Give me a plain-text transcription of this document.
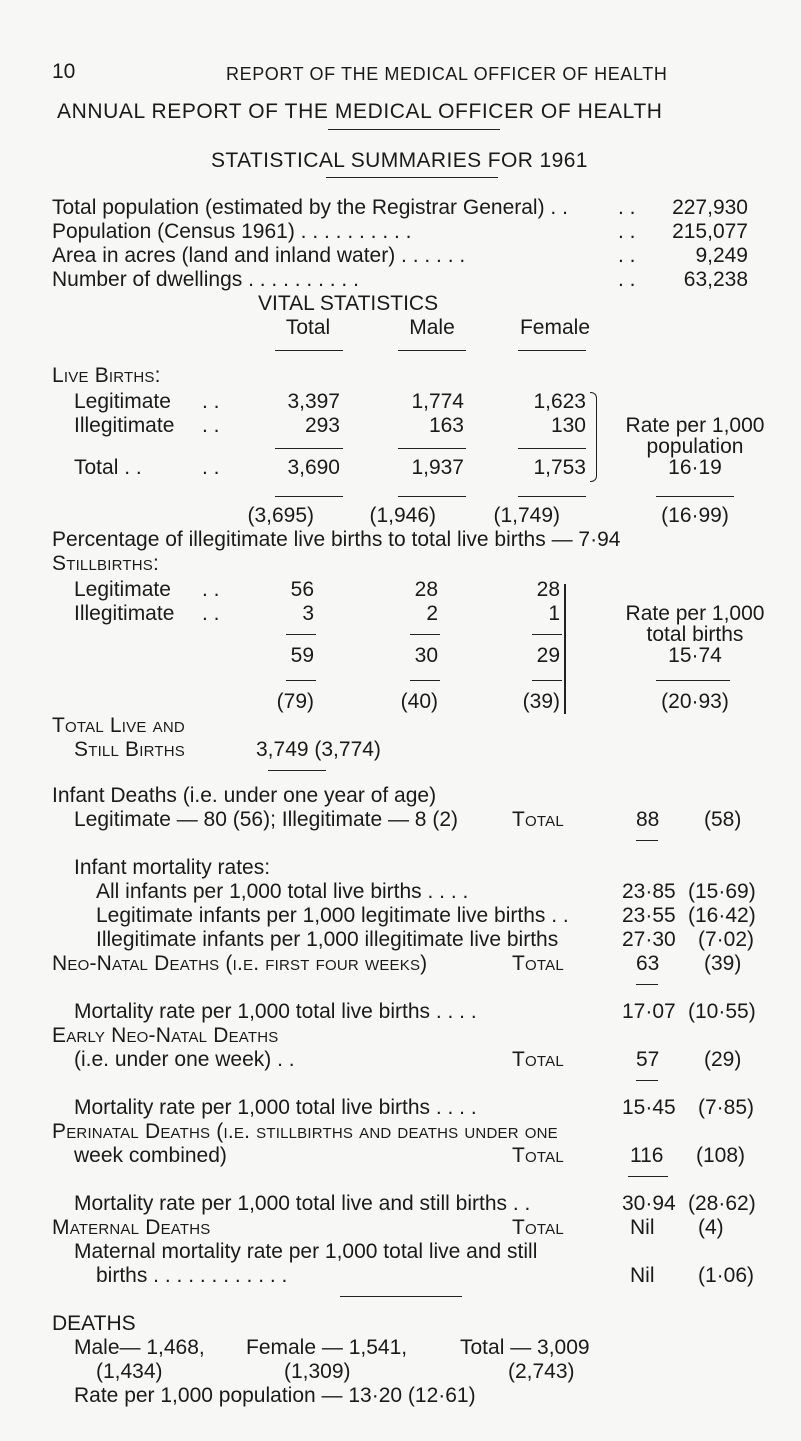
10	REPORT OF THE MEDICAL OFFICER OF HEALTH
ANNUAL REPORT OF THE MEDICAL OFFICER OF HEALTH
STATISTICAL SUMMARIES FOR 1961
Total population (estimated by the Registrar General) . . . .	227,930
Population (Census 1961) . . . . . . . . . .	. .	215,077
Area in acres (land and inland water) . . . . . .	. .	9,249
Number of dwellings . . . . . . . . . .	. .	63,238
VITAL STATISTICS
Total	Male	Female
Live Births:
Legitimate . .	3,397	1,774	1,623
Illegitimate . .	293	163	130
Total . .	. .	3,690	1,937	1,753
Rate per 1,000
population
16·19
(3,695)	(1,946)	(1,749)	(16·99)
Percentage of illegitimate live births to total live births — 7·94
Stillbirths:
Legitimate . .	56	28	28
Illegitimate . .	3	2	1
59	30	29
(79)	(40)	(39)	(20·93)
Rate per 1,000
total births
15·74
Total Live and
Still Births	3,749 (3,774)
Infant Deaths (i.e. under one year of age)
Legitimate — 80 (56); Illegitimate — 8 (2)	Total	88 (58)
Infant mortality rates:
All infants per 1,000 total live births . . . .	23·85 (15·69)
Legitimate infants per 1,000 legitimate live births . .	23·55 (16·42)
Illegitimate infants per 1,000 illegitimate live births	27·30 (7·02)
Neo-Natal Deaths (i.e. first four weeks)	Total	63 (39)
Mortality rate per 1,000 total live births . . . .	17·07 (10·55)
Early Neo-Natal Deaths
(i.e. under one week) . .	Total	57 (29)
Mortality rate per 1,000 total live births . . . .	15·45 (7·85)
Perinatal Deaths (i.e. stillbirths and deaths under one
week combined)	Total	116 (108)
Mortality rate per 1,000 total live and still births . .	30·94 (28·62)
Maternal Deaths	Total	Nil (4)
Maternal mortality rate per 1,000 total live and still
births . . . . . . . . . . . .	Nil (1·06)
DEATHS
Male— 1,468, Female — 1,541,	Total — 3,009
(1,434)	(1,309)	(2,743)
Rate per 1,000 population — 13·20 (12·61)
